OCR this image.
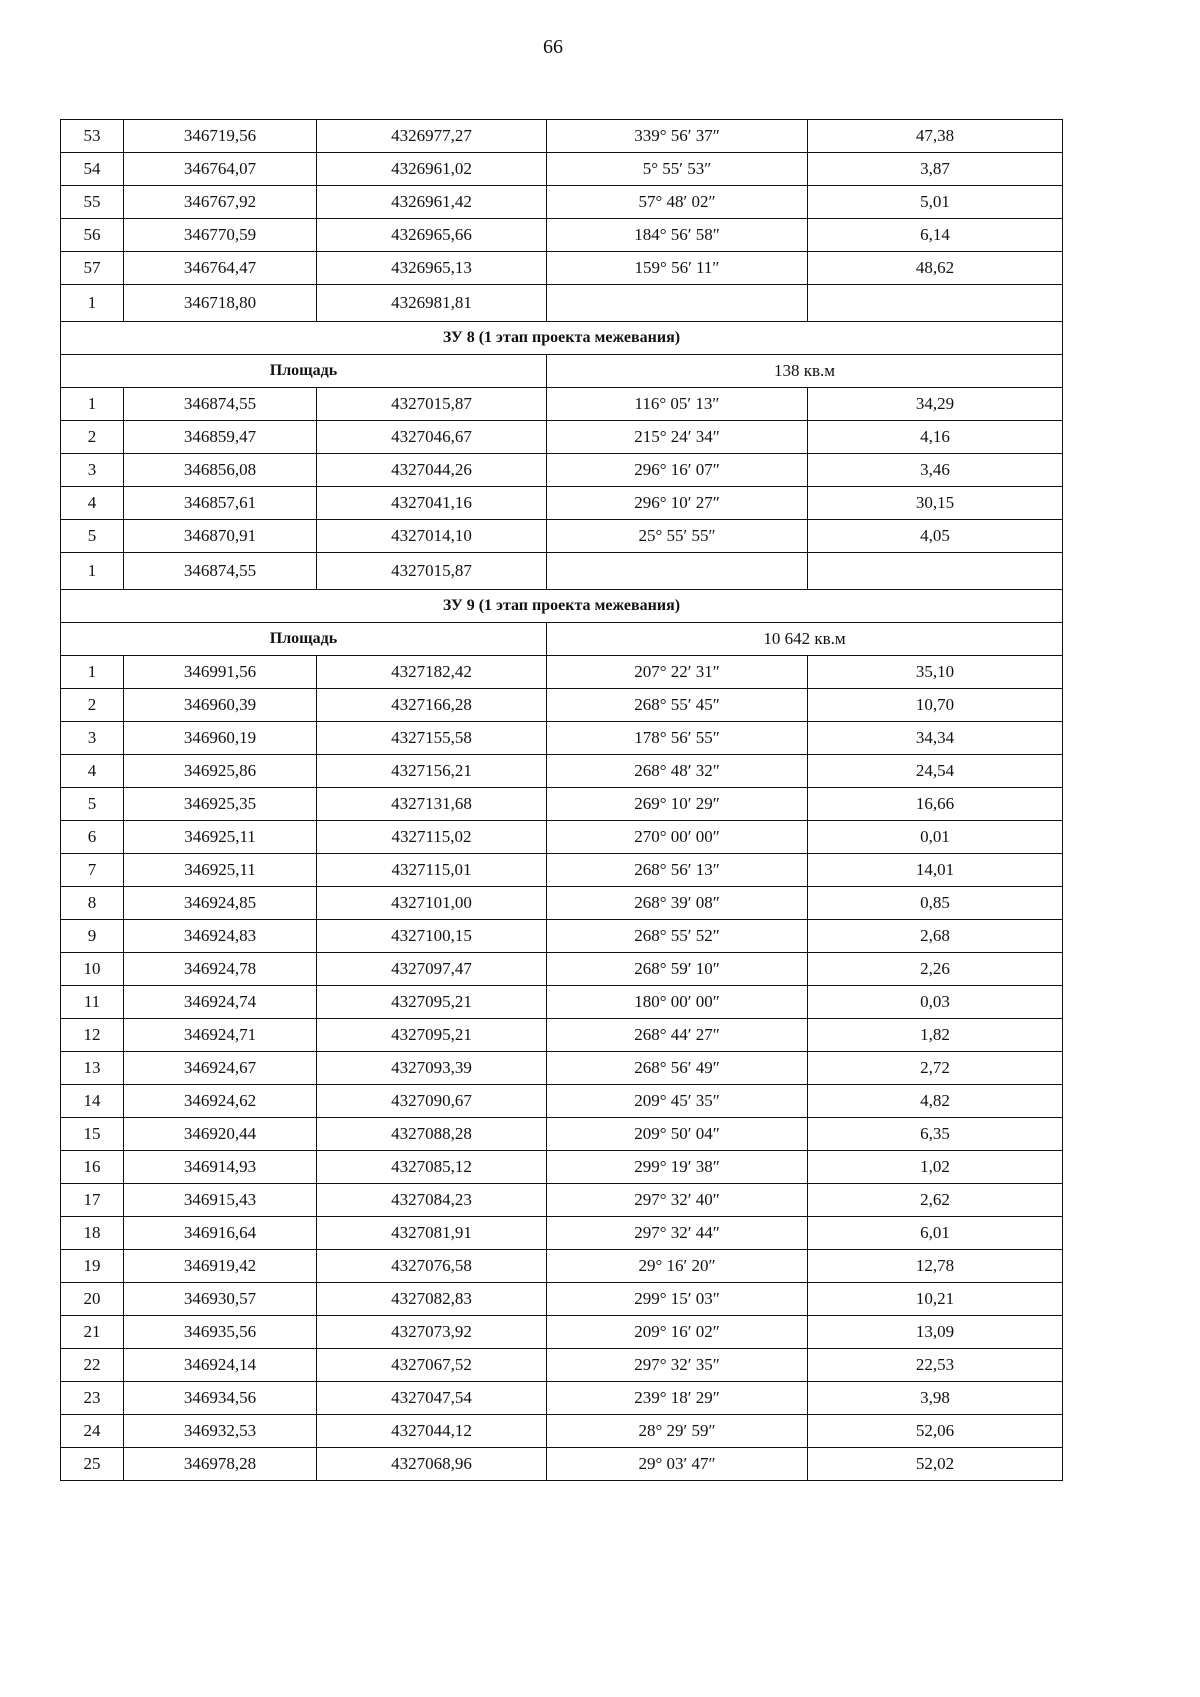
66
53	346719,56	4326977,27	339° 56′ 37″	47,38
54	346764,07	4326961,02	5° 55′ 53″	3,87
55	346767,92	4326961,42	57° 48′ 02″	5,01
56	346770,59	4326965,66	184° 56′ 58″	6,14
57	346764,47	4326965,13	159° 56′ 11″	48,62
1	346718,80	4326981,81		
ЗУ 8 (1 этап проекта межевания)				
Площадь			138 кв.м	
1	346874,55	4327015,87	116° 05′ 13″	34,29
2	346859,47	4327046,67	215° 24′ 34″	4,16
3	346856,08	4327044,26	296° 16′ 07″	3,46
4	346857,61	4327041,16	296° 10′ 27″	30,15
5	346870,91	4327014,10	25° 55′ 55″	4,05
1	346874,55	4327015,87		
ЗУ 9 (1 этап проекта межевания)				
Площадь			10 642 кв.м	
1	346991,56	4327182,42	207° 22′ 31″	35,10
2	346960,39	4327166,28	268° 55′ 45″	10,70
3	346960,19	4327155,58	178° 56′ 55″	34,34
4	346925,86	4327156,21	268° 48′ 32″	24,54
5	346925,35	4327131,68	269° 10′ 29″	16,66
6	346925,11	4327115,02	270° 00′ 00″	0,01
7	346925,11	4327115,01	268° 56′ 13″	14,01
8	346924,85	4327101,00	268° 39′ 08″	0,85
9	346924,83	4327100,15	268° 55′ 52″	2,68
10	346924,78	4327097,47	268° 59′ 10″	2,26
11	346924,74	4327095,21	180° 00′ 00″	0,03
12	346924,71	4327095,21	268° 44′ 27″	1,82
13	346924,67	4327093,39	268° 56′ 49″	2,72
14	346924,62	4327090,67	209° 45′ 35″	4,82
15	346920,44	4327088,28	209° 50′ 04″	6,35
16	346914,93	4327085,12	299° 19′ 38″	1,02
17	346915,43	4327084,23	297° 32′ 40″	2,62
18	346916,64	4327081,91	297° 32′ 44″	6,01
19	346919,42	4327076,58	29° 16′ 20″	12,78
20	346930,57	4327082,83	299° 15′ 03″	10,21
21	346935,56	4327073,92	209° 16′ 02″	13,09
22	346924,14	4327067,52	297° 32′ 35″	22,53
23	346934,56	4327047,54	239° 18′ 29″	3,98
24	346932,53	4327044,12	28° 29′ 59″	52,06
25	346978,28	4327068,96	29° 03′ 47″	52,02
